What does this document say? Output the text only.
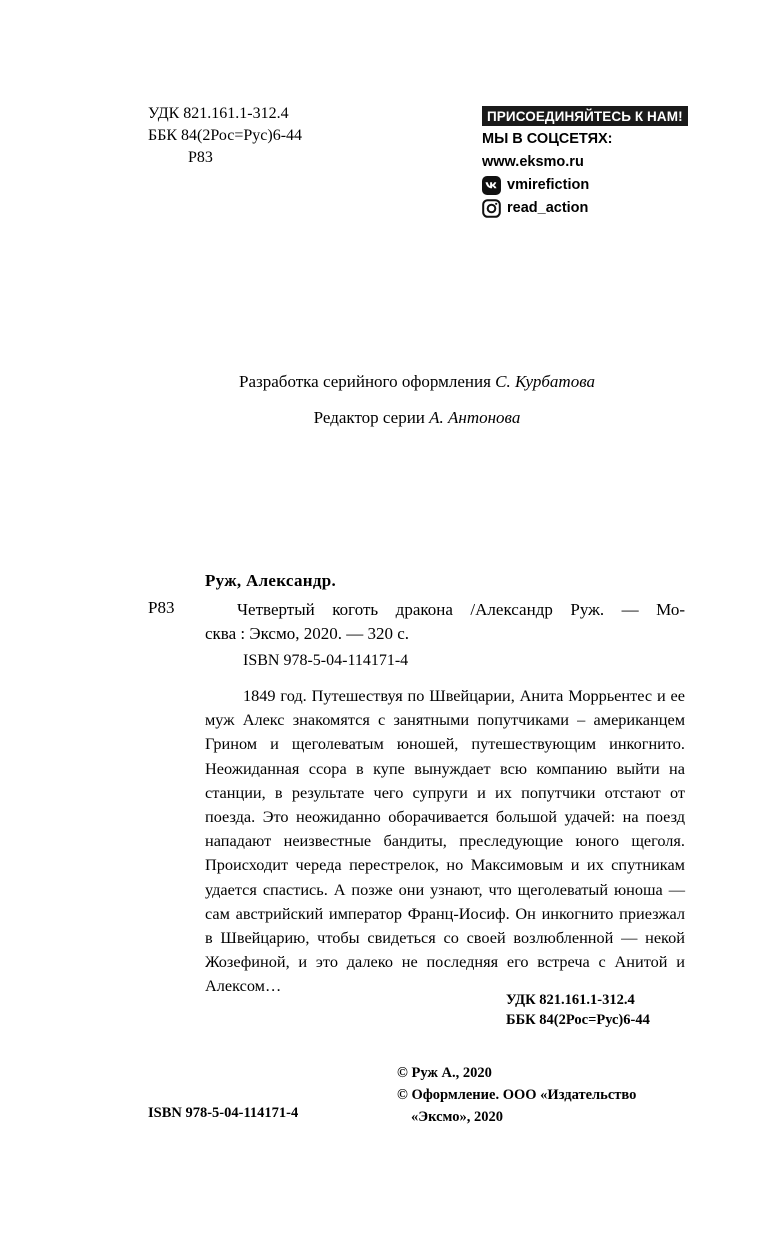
УДК 821.161.1-312.4
ББК 84(2Рос=Рус)6-44
Р83
ПРИСОЕДИНЯЙТЕСЬ К НАМ!
МЫ В СОЦСЕТЯХ:
www.eksmo.ru
vmirefiction
read_action
Разработка серийного оформления С. Курбатова
Редактор серии А. Антонова
Руж, Александр.
Р83	Четвертый коготь дракона /Александр Руж. — Мо-
сква : Эксмо, 2020. — 320 с.
ISBN 978-5-04-114171-4

1849 год. Путешествуя по Швейцарии, Анита Моррьентес и ее муж Алекс знакомятся с занятными попутчиками – американцем Грином и щеголеватым юношей, путешествующим инкогнито. Неожиданная ссора в купе вынуждает всю компанию выйти на станции, в результате чего супруги и их попутчики отстают от поезда. Это неожиданно оборачивается большой удачей: на поезд нападают неизвестные бандиты, преследующие юного щеголя. Происходит череда перестрелок, но Максимовым и их спутникам удается спастись. А позже они узнают, что щеголеватый юноша — сам австрийский император Франц-Иосиф. Он инкогнито приезжал в Швейцарию, чтобы свидеться со своей возлюбленной — некой Жозефиной, и это далеко не последняя его встреча с Анитой и Алексом…

УДК 821.161.1-312.4
ББК 84(2Рос=Рус)6-44
© Руж А., 2020
© Оформление. ООО «Издательство
«Эксмо», 2020
ISBN 978-5-04-114171-4
